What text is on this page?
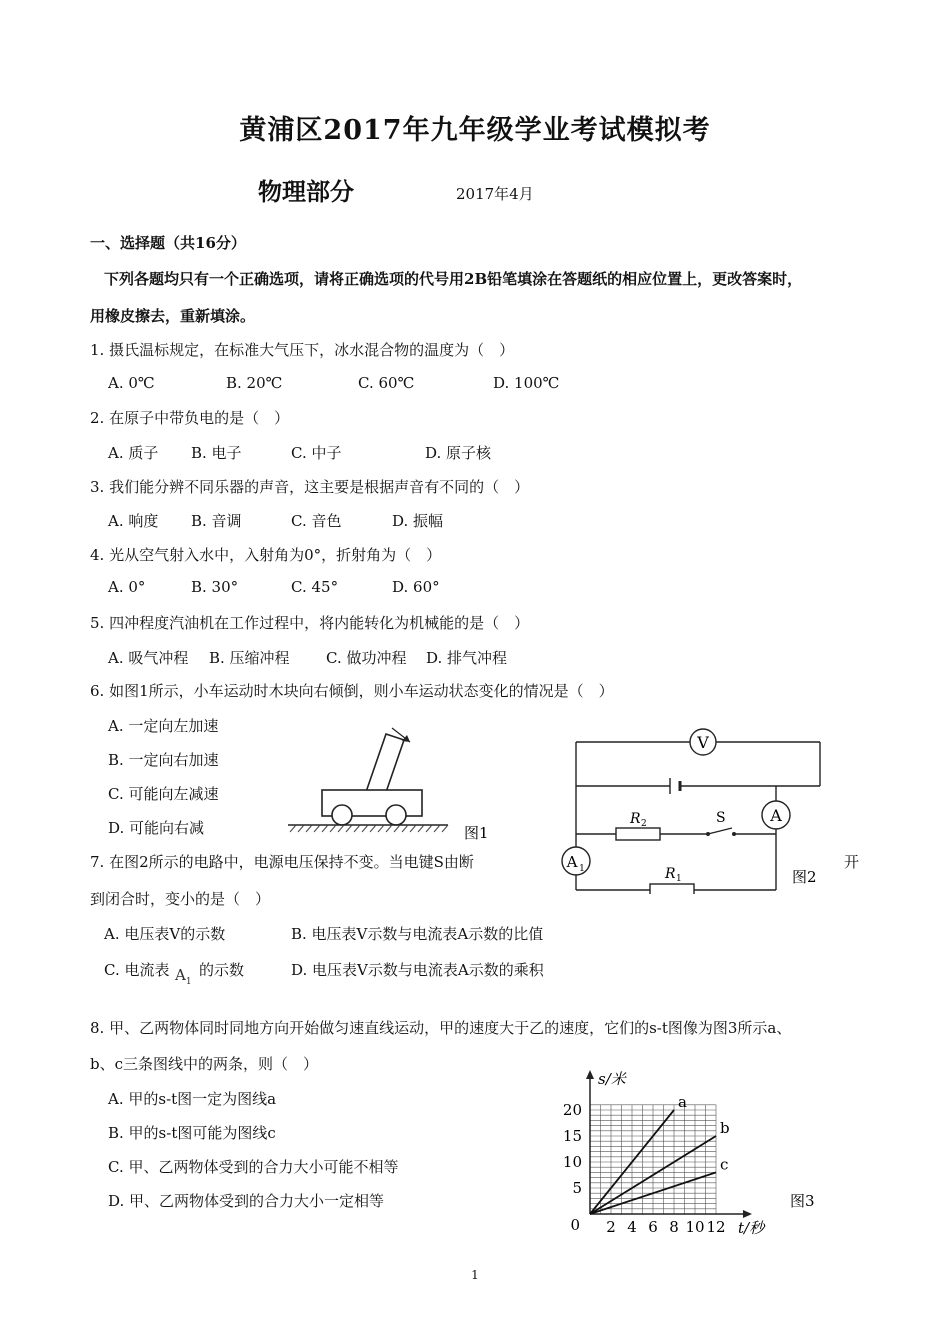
黄浦区2017年九年级学业考试模拟考
物理部分	2017年4月
一、选择题（共16分）
下列各题均只有一个正确选项，请将正确选项的代号用2B铅笔填涂在答题纸的相应位置上，更改答案时，
用橡皮擦去，重新填涂。
1. 摄氏温标规定，在标准大气压下，冰水混合物的温度为（　）
A. 0℃	B. 20℃	C. 60℃	D. 100℃
2. 在原子中带负电的是（　）
A. 质子 B. 电子	C. 中子	D. 原子核
3. 我们能分辨不同乐器的声音，这主要是根据声音有不同的（　）
A. 响度 B. 音调	C. 音色	D. 振幅
4. 光从空气射入水中，入射角为0°，折射角为（　）
A. 0°	B. 30°	C. 45°	D. 60°
5. 四冲程度汽油机在工作过程中，将内能转化为机械能的是（　）
A. 吸气冲程 B. 压缩冲程 C. 做功冲程 D. 排气冲程
6. 如图1所示，小车运动时木块向右倾倒，则小车运动状态变化的情况是（　）
A. 一定向左加速
B. 一定向右加速
C. 可能向左减速
D. 可能向右减	图1
V
A
A 1
R 2	S
R 1	图2
7. 在图2所示的电路中，电源电压保持不变。当电键S由断	开
到闭合时，变小的是（　）
A. 电压表V的示数	B. 电压表V示数与电流表A示数的比值
C. 电流表 $A_1$
的示数	D. 电压表V示数与电流表A示数的乘积
8. 甲、乙两物体同时同地方向开始做匀速直线运动，甲的速度大于乙的速度，它们的s-t图像为图3所示a、
b、c三条图线中的两条，则（　）
A. 甲的s-t图一定为图线a
B. 甲的s-t图可能为图线c
C. 甲、乙两物体受到的合力大小可能不相等
D. 甲、乙两物体受到的合力大小一定相等
s/米
t/秒
20
15
10
5
0 2 4 6 8 10 12
a
b
c
图3
1
